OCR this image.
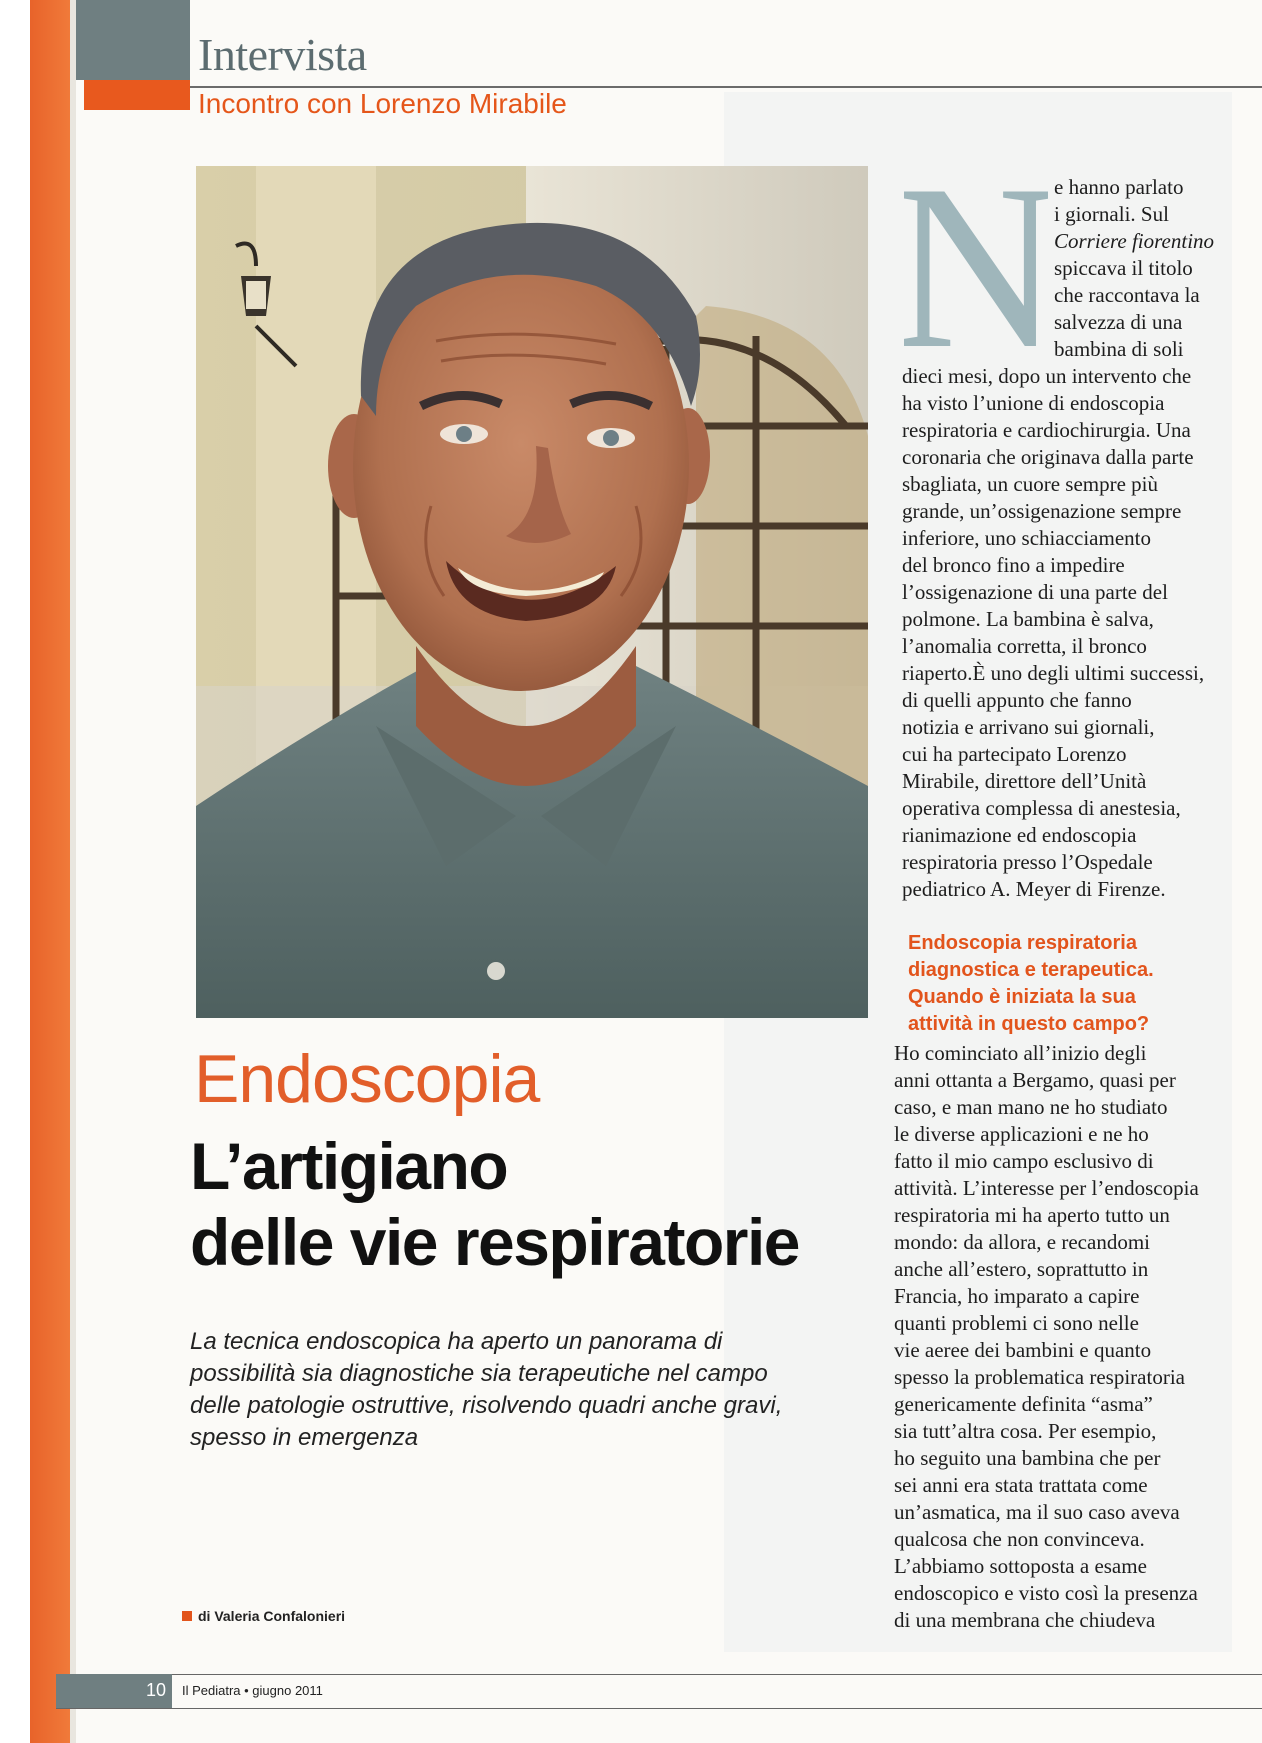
Intervista
Incontro con Lorenzo Mirabile
N

e hanno parlato

i giornali. Sul

Corriere fiorentino

spiccava il titolo

che raccontava la

salvezza di una

bambina di soli

dieci mesi, dopo un intervento che

ha visto l’unione di endoscopia

respiratoria e cardiochirurgia. Una

coronaria che originava dalla parte

sbagliata, un cuore sempre più

grande, un’ossigenazione sempre

inferiore, uno schiacciamento

del bronco fino a impedire

l’ossigenazione di una parte del

polmone. La bambina è salva,

l’anomalia corretta, il bronco

riaperto.È uno degli ultimi successi,

di quelli appunto che fanno

notizia e arrivano sui giornali,

cui ha partecipato Lorenzo

Mirabile, direttore dell’Unità

operativa complessa di anestesia,

rianimazione ed endoscopia

respiratoria presso l’Ospedale

pediatrico A. Meyer di Firenze.

Endoscopia respiratoria

diagnostica e terapeutica.

Quando è iniziata la sua

attività in questo campo?

Ho cominciato all’inizio degli

anni ottanta a Bergamo, quasi per

caso, e man mano ne ho studiato

le diverse applicazioni e ne ho

fatto il mio campo esclusivo di

attività. L’interesse per l’endoscopia

respiratoria mi ha aperto tutto un

mondo: da allora, e recandomi

anche all’estero, soprattutto in

Francia, ho imparato a capire

quanti problemi ci sono nelle

vie aeree dei bambini e quanto

spesso la problematica respiratoria

genericamente definita “asma”

sia tutt’altra cosa. Per esempio,

ho seguito una bambina che per

sei anni era stata trattata come

un’asmatica, ma il suo caso aveva

qualcosa che non convinceva.

L’abbiamo sottoposta a esame

endoscopico e visto così la presenza

di una membrana che chiudeva

Endoscopia
L’artigiano
delle vie respiratorie
La tecnica endoscopica ha aperto un panorama di
possibilità sia diagnostiche sia terapeutiche nel campo
delle patologie ostruttive, risolvendo quadri anche gravi,
spesso in emergenza
di Valeria Confalonieri
10 Il Pediatra • giugno 2011
